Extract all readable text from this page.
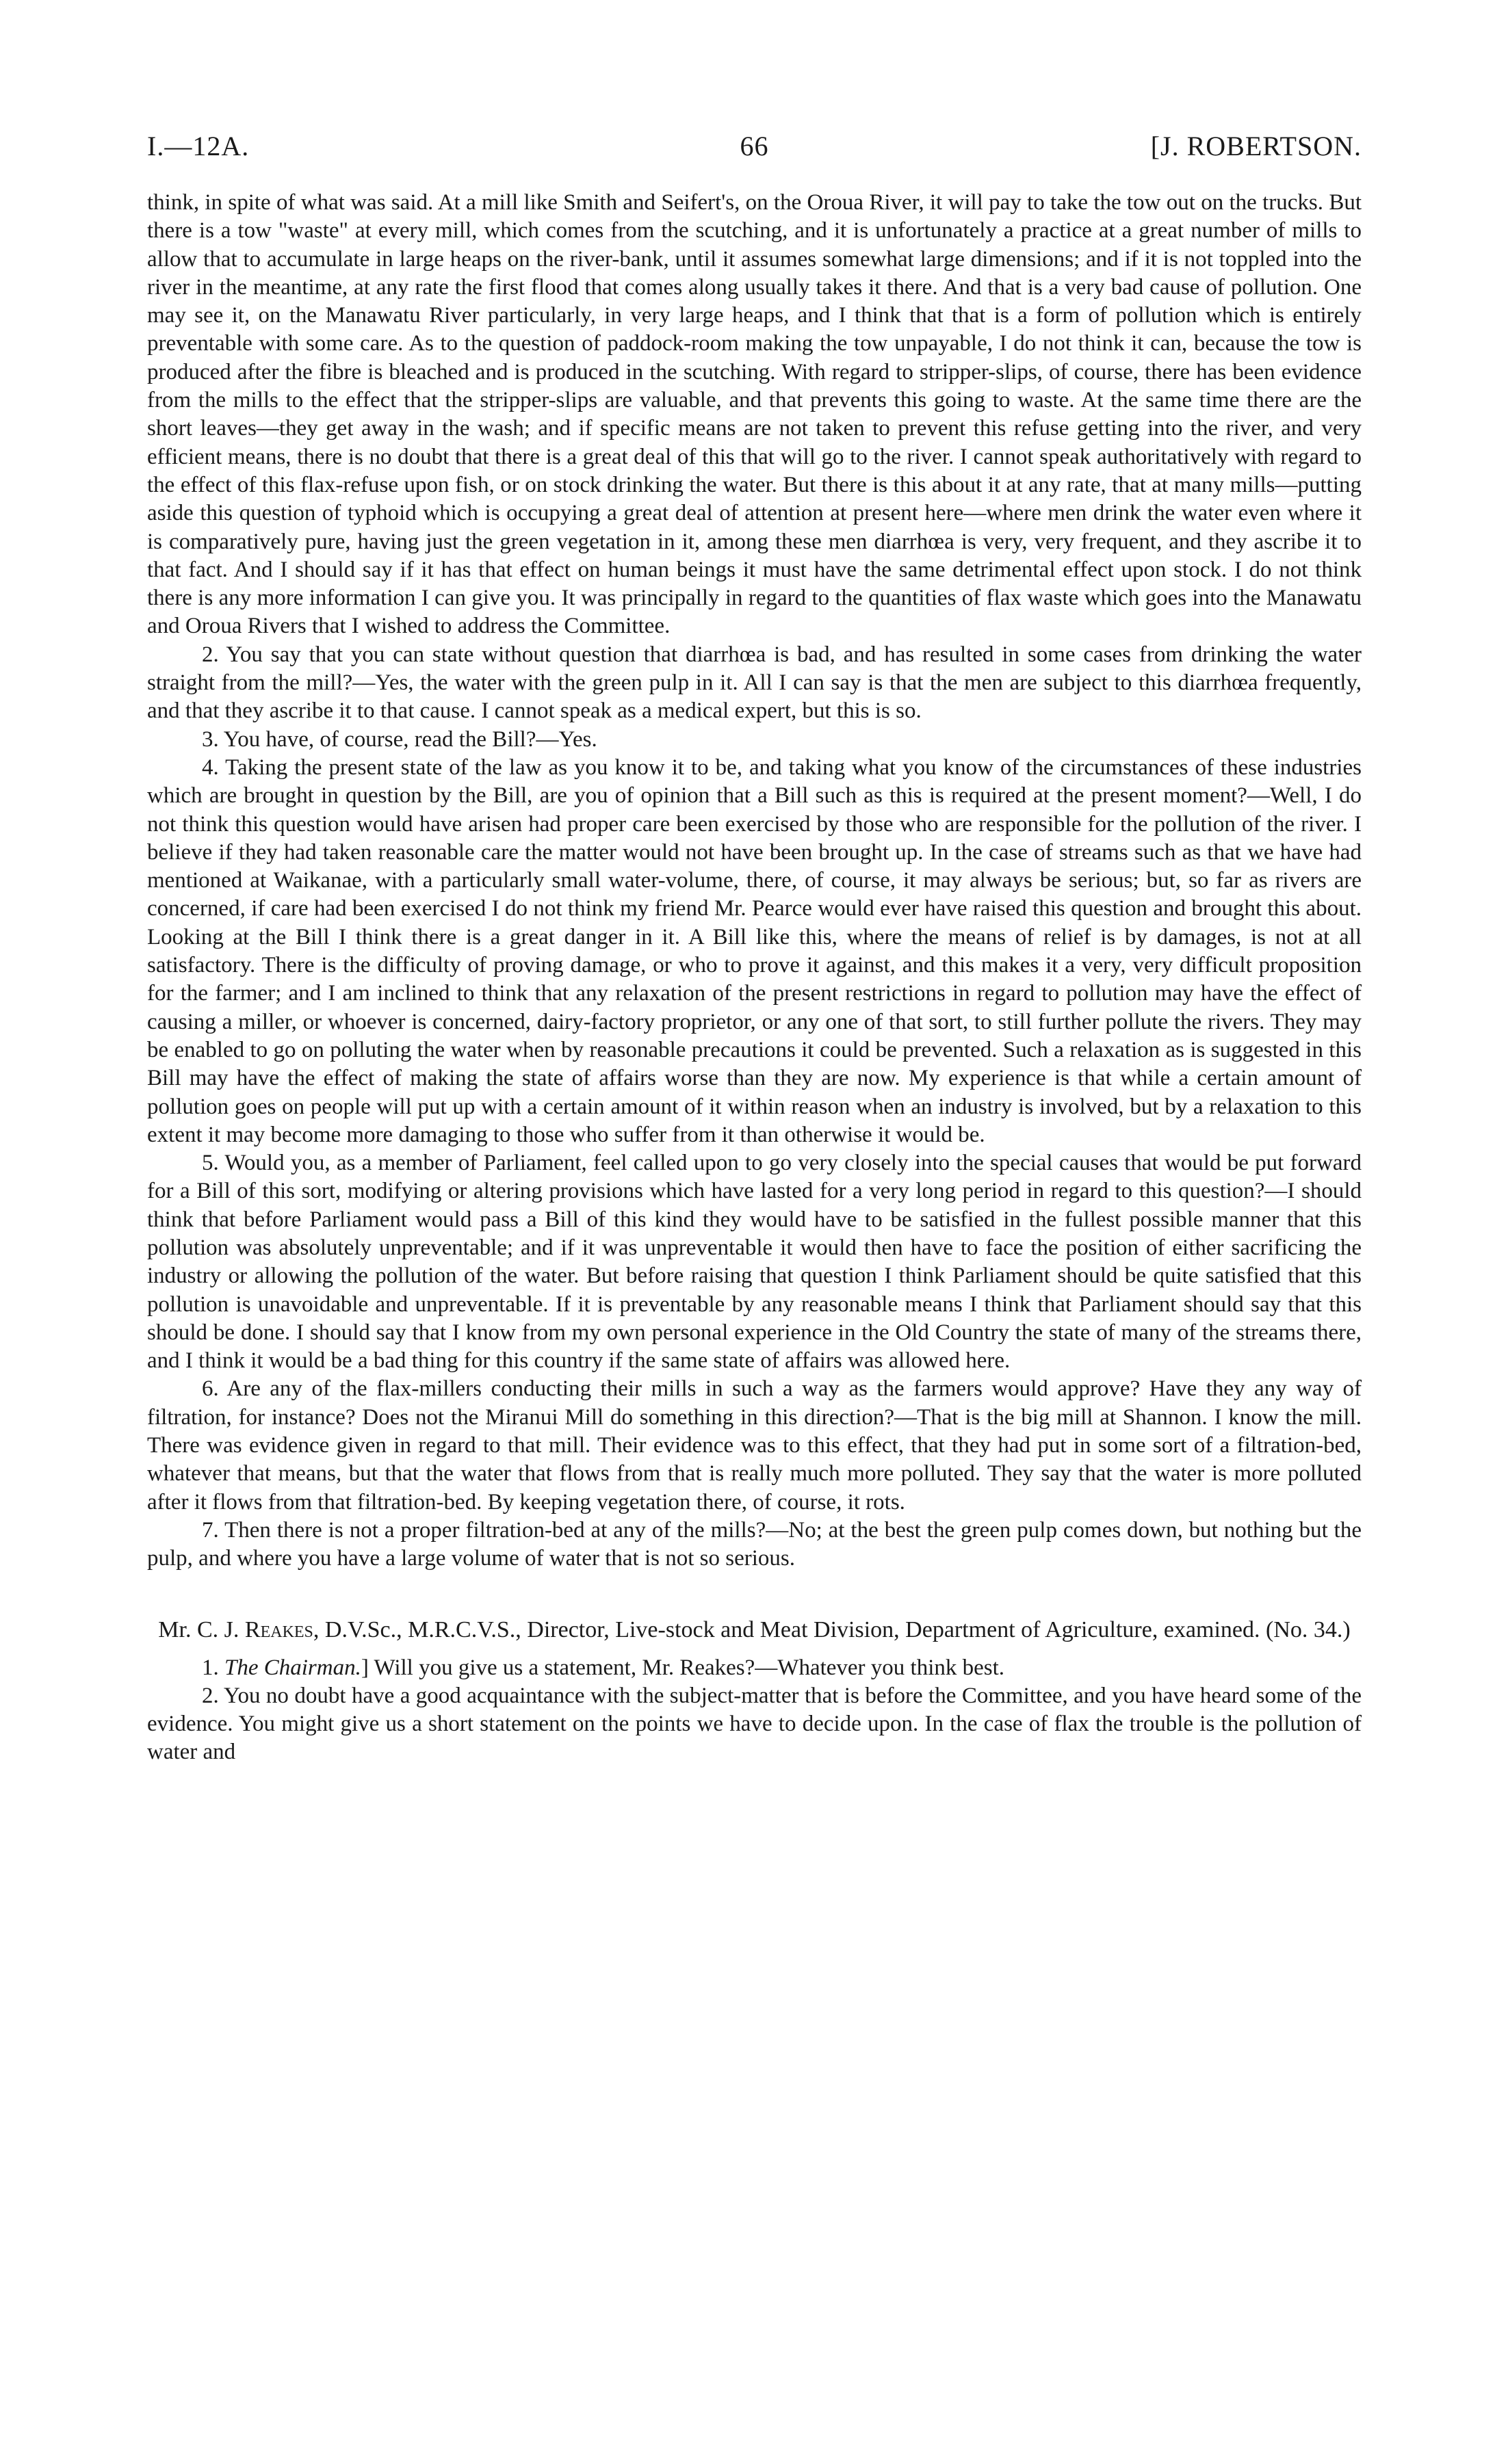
I.—12A.	66	[J. ROBERTSON.

think, in spite of what was said. At a mill like Smith and Seifert's, on the Oroua River, it will pay to take the tow out on the trucks. But there is a tow "waste" at every mill, which comes from the scutching, and it is unfortunately a practice at a great number of mills to allow that to accumulate in large heaps on the river-bank, until it assumes somewhat large dimensions; and if it is not toppled into the river in the meantime, at any rate the first flood that comes along usually takes it there. And that is a very bad cause of pollution. One may see it, on the Manawatu River particularly, in very large heaps, and I think that that is a form of pollution which is entirely preventable with some care. As to the question of paddock-room making the tow unpayable, I do not think it can, because the tow is produced after the fibre is bleached and is produced in the scutching. With regard to stripper-slips, of course, there has been evidence from the mills to the effect that the stripper-slips are valuable, and that prevents this going to waste. At the same time there are the short leaves—they get away in the wash; and if specific means are not taken to prevent this refuse getting into the river, and very efficient means, there is no doubt that there is a great deal of this that will go to the river. I cannot speak authoritatively with regard to the effect of this flax-refuse upon fish, or on stock drinking the water. But there is this about it at any rate, that at many mills—putting aside this question of typhoid which is occupying a great deal of attention at present here—where men drink the water even where it is comparatively pure, having just the green vegetation in it, among these men diarrhœa is very, very frequent, and they ascribe it to that fact. And I should say if it has that effect on human beings it must have the same detrimental effect upon stock. I do not think there is any more information I can give you. It was principally in regard to the quantities of flax waste which goes into the Manawatu and Oroua Rivers that I wished to address the Committee.

2. You say that you can state without question that diarrhœa is bad, and has resulted in some cases from drinking the water straight from the mill?—Yes, the water with the green pulp in it. All I can say is that the men are subject to this diarrhœa frequently, and that they ascribe it to that cause. I cannot speak as a medical expert, but this is so.

3. You have, of course, read the Bill?—Yes.

4. Taking the present state of the law as you know it to be, and taking what you know of the circumstances of these industries which are brought in question by the Bill, are you of opinion that a Bill such as this is required at the present moment?—Well, I do not think this question would have arisen had proper care been exercised by those who are responsible for the pollution of the river. I believe if they had taken reasonable care the matter would not have been brought up. In the case of streams such as that we have had mentioned at Waikanae, with a particularly small water-volume, there, of course, it may always be serious; but, so far as rivers are concerned, if care had been exercised I do not think my friend Mr. Pearce would ever have raised this question and brought this about. Looking at the Bill I think there is a great danger in it. A Bill like this, where the means of relief is by damages, is not at all satisfactory. There is the difficulty of proving damage, or who to prove it against, and this makes it a very, very difficult proposition for the farmer; and I am inclined to think that any relaxation of the present restrictions in regard to pollution may have the effect of causing a miller, or whoever is concerned, dairy-factory proprietor, or any one of that sort, to still further pollute the rivers. They may be enabled to go on polluting the water when by reasonable precautions it could be prevented. Such a relaxation as is suggested in this Bill may have the effect of making the state of affairs worse than they are now. My experience is that while a certain amount of pollution goes on people will put up with a certain amount of it within reason when an industry is involved, but by a relaxation to this extent it may become more damaging to those who suffer from it than otherwise it would be.

5. Would you, as a member of Parliament, feel called upon to go very closely into the special causes that would be put forward for a Bill of this sort, modifying or altering provisions which have lasted for a very long period in regard to this question?—I should think that before Parliament would pass a Bill of this kind they would have to be satisfied in the fullest possible manner that this pollution was absolutely unpreventable; and if it was unpreventable it would then have to face the position of either sacrificing the industry or allowing the pollution of the water. But before raising that question I think Parliament should be quite satisfied that this pollution is unavoidable and unpreventable. If it is preventable by any reasonable means I think that Parliament should say that this should be done. I should say that I know from my own personal experience in the Old Country the state of many of the streams there, and I think it would be a bad thing for this country if the same state of affairs was allowed here.

6. Are any of the flax-millers conducting their mills in such a way as the farmers would approve? Have they any way of filtration, for instance? Does not the Miranui Mill do something in this direction?—That is the big mill at Shannon. I know the mill. There was evidence given in regard to that mill. Their evidence was to this effect, that they had put in some sort of a filtration-bed, whatever that means, but that the water that flows from that is really much more polluted. They say that the water is more polluted after it flows from that filtration-bed. By keeping vegetation there, of course, it rots.

7. Then there is not a proper filtration-bed at any of the mills?—No; at the best the green pulp comes down, but nothing but the pulp, and where you have a large volume of water that is not so serious.

Mr. C. J. Reakes, D.V.Sc., M.R.C.V.S., Director, Live-stock and Meat Division, Department of Agriculture, examined. (No. 34.)

1. The Chairman.] Will you give us a statement, Mr. Reakes?—Whatever you think best.

2. You no doubt have a good acquaintance with the subject-matter that is before the Committee, and you have heard some of the evidence. You might give us a short statement on the points we have to decide upon. In the case of flax the trouble is the pollution of water and
